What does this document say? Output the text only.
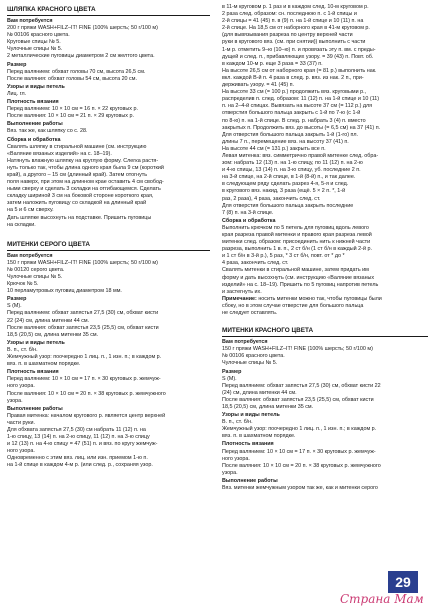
ШЛЯПКА КРАСНОГО ЦВЕТА
Вам потребуется
200 г пряжи WASH+FILZ–IT! FINE (100% шерсть; 50 г/100 м)
№ 00106 красного цвета.
Круговые спицы № 5.
Чулочные спицы № 5.
2 металлические пуговицы диаметром 2 см желтого цвета.
Размер
Перед валянием: обхват головы 70 см, высота 26,5 см.
После валяния: обхват головы 54 см, высота 20 см.
Узоры и виды петель
Лиц. гл.
Плотность вязания
Перед валянием: 10 × 10 см = 16 п. × 22 круговых р.
После валяния: 10 × 10 см = 21 п. × 29 круговых р.
Выполнение работы
Вяз. так же, как шляпку со с. 28.
Сборка и обработка
Свалять шляпку в стиральной машине (см. инструкцию
«Валяние вязаных изделий» на с. 18–19).
Натянуть влажную шляпку на круглую форму. Слегка растя-
нуть только так, чтобы длина одного края была 9 см (короткий
край), а другого – 15 см (длинный край). Затем отогнуть
поля наверх, при этом на длинном крае оставить 4 см свобод-
ными сверху и сделать 3 складки на отгибающемся. Сделать
складку шириной 3 см на боковой стороне короткого края,
затем наложить пуговицу со складкой на длинный край
на 5 и 6 см сверху.
Дать шляпке высохнуть на подставке. Пришить пуговицы
на складки.
МИТЕНКИ СЕРОГО ЦВЕТА
Вам потребуется
150 г пряжи WASH+FILZ–IT! FINE (100% шерсть; 50 г/100 м)
№ 00120 серого цвета.
Чулочные спицы № 5.
Крючок № 5.
10 перламутровых пуговиц диаметром 18 мм.
Размер
S (M).
Перед валянием: обхват запястья 27,5 (30) см, обхват кисти
22 (24) см, длина митенки 44 см.
После валяния: обхват запястья 23,5 (25,5) см, обхват кисти
18,5 (20,5) см, длина митенки 35 см.
Узоры и виды петель
В. п., ст. б/н.
Жемчужный узор: поочередно 1 лиц. п., 1 изн. п.; в каждом р.
вяз. п. в шахматном порядке.
Плотность вязания
Перед валянием: 10 × 10 см = 17 п. × 30 круговых р. жемчуж-
ного узора.
После валяния: 10 × 10 см = 20 п. × 38 круговых р. жемчужного
узора.
Выполнение работы
Правая митенка: началом кругового р. является центр верхней
части руки.
Для обхвата запястья 27,5 (30) см набрать 11 (12) п. на
1-ю спицу, 13 (14) п. на 2-ю спицу, 11 (12) п. на 3-ю спицу
и 12 (13) п. на 4-ю спицу = 47 (51) п. и вяз. по кругу жемчуж-
ного узора.
Одновременно с этим вяз. лиц. или изн. приемом 1-ю п.
на 1-й спице в каждом 4-м р. (или след. р., сохраняя узор.
в 11-м круговом р. 1 раз и в каждом след. 10-м круговом р.
2 раза след. образом: сн. последнюю п. с 1-й спицы и
2-й спицы = 41 (45) п. в (9) п. на 1-й спице и 10 (11) п. на
2-й спице. На 18,5 см от наборного края в 41-м круговом р.
(для вывязывания разреза по центру верхней части
руки в кругового вяз. (см. при снятии)) выполнить с части
1-м р. отметить 9–ю (10–ю) п. и провязать эту п. вм. с преды-
дущей и след. п., прибавляющих узору. = 39 (43) п. Повт. об.
в каждом 10-м р. еще 3 раза = 33 (37) п.
На высоте 26,5 см от наборного края (= 81 р.) выполнить нак.
вкл. каждой В-й п. 4 раза в след. р. вяз. из нак. 2 п., при-
держивать узору. = 41 (45) п.
На высоте 33 см (= 100 р.) продолжить вяз. круговыми р.,
распределив п. след. образом: 11 (12) п. на 1-й спице и 10 (11)
п. на 2–4-й спицах. Вывязать на высоте 37 см (= 112 р.) для
отверстия большого пальца закрыть с 1-й по 7-ю (с 1-й
по 8-ю) п. на 1-й спице. В след. р. набрать 3 (4) п. вместо
закрытых п. Продолжить вяз. до высоты (= 6,5 см) на 37 (41) п.
Для отверстия большого пальца закрыть 1-й (1-го) пл.
длины 7 п., перемещение вяз. на высоту 37 (41) п.
На высоте 44 см (= 131 р.) закрыть все п.
Левая митенка: вяз. симметрично правой митенке след. обра-
зом: набрать 12 (13) п. на 1-ю спицу, по 11 (12) п. на 2-ю
и 4-ю спицы, 13 (14) п. на 3-ю спицу, уб. последние 2 п.
на 3-й спице, на 2-й спице, в 1-й (8-й) п., и так далее.
в следующем ряду сделать разрез 4-я, 5-я и след.
в кругового вяз. накид, 3 раза (ещё. 5 × 2 п. *, 1-й
раз, 2 раза), 4 раза, закончить след. ст.
Для отверстия большого пальца закрыть последние
7 (8) п. на 3-й спице.
Сборка и обработка
Выполнить крючком по 5 петель для пуговиц вдоль левого
края разреза правой митенки и правого края разреза левой
митенки след. образом: присоединить нить к нижней части
разреза, выполнить 1 в. п., 2 ст б/н (1 ст б/н в каждый 2-й р.
и 1 ст б/н в 3-й р.), 5 раз, * 3 ст б/н, повт. от * до *
4 раза, закончить след. ст.
Свалять митенки в стиральной машине, затем придать им
форму и дать высохнуть (см. инструкцию «Валяние вязаных
изделий» на с. 18–19). Пришить по 5 пуговиц напротив петель
и застегнуть их.
Примечание: носить митенки можно так, чтобы пуговицы были
сбоку, но в этом случае отверстие для большого пальца
не следует оставлять.
МИТЕНКИ КРАСНОГО ЦВЕТА
Вам потребуется
150 г пряжи WASH+FILZ–IT! FINE (100% шерсть; 50 г/100 м)
№ 00106 красного цвета.
Чулочные спицы № 5.
Размер
S (M).
Перед валянием: обхват запястья 27,5 (30) см, обхват кисти 22
(24) см, длина митенки 44 см.
После валяния: обхват запястья 23,5 (25,5) см, обхват кисти
18,5 (20,5) см, длина митенки 35 см.
Узоры и виды петель
В. п., ст. б/н.
Жемчужный узор: поочередно 1 лиц. п., 1 изн. п.; в каждом р.
вяз. п. в шахматном порядке.
Плотность вязания
Перед валянием: 10 × 10 см = 17 п. × 30 круговых р. жемчуж-
ного узора.
После валяния: 10 × 10 см = 20 п. × 38 круговых р. жемчужного
узора.
Выполнение работы
Вяз. митенки жемчужным узором так же, как и митенки серого
29
Страна Мам
